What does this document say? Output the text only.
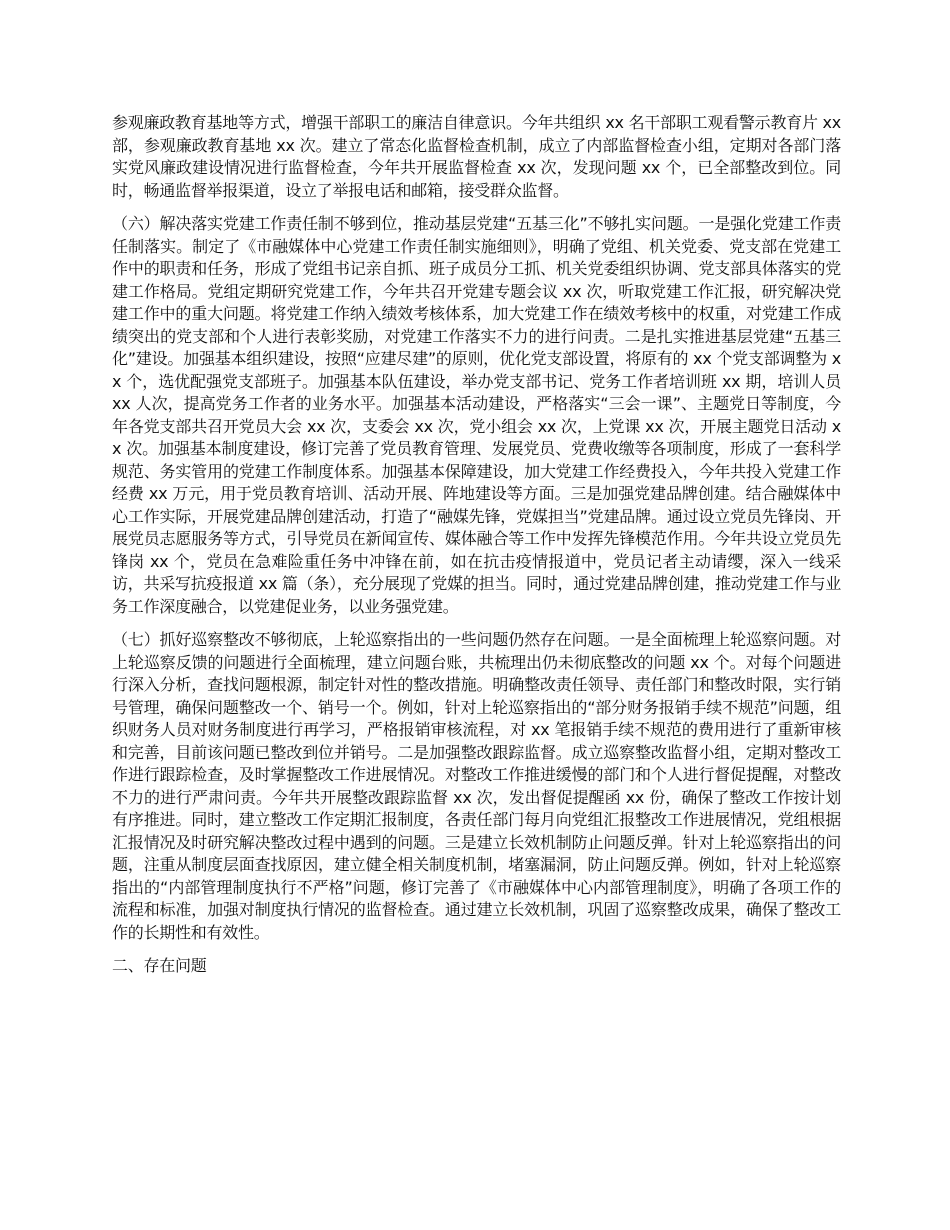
参观廉政教育基地等方式，增强干部职工的廉洁自律意识。今年共组织 xx 名干部职工观看警示教育片 xx 部，参观廉政教育基地 xx 次。建立了常态化监督检查机制，成立了内部监督检查小组，定期对各部门落实党风廉政建设情况进行监督检查，今年共开展监督检查 xx 次，发现问题 xx 个，已全部整改到位。同时，畅通监督举报渠道，设立了举报电话和邮箱，接受群众监督。

（六）解决落实党建工作责任制不够到位，推动基层党建“五基三化”不够扎实问题。一是强化党建工作责任制落实。制定了《市融媒体中心党建工作责任制实施细则》，明确了党组、机关党委、党支部在党建工作中的职责和任务，形成了党组书记亲自抓、班子成员分工抓、机关党委组织协调、党支部具体落实的党建工作格局。党组定期研究党建工作，今年共召开党建专题会议 xx 次，听取党建工作汇报，研究解决党建工作中的重大问题。将党建工作纳入绩效考核体系，加大党建工作在绩效考核中的权重，对党建工作成绩突出的党支部和个人进行表彰奖励，对党建工作落实不力的进行问责。二是扎实推进基层党建“五基三化”建设。加强基本组织建设，按照“应建尽建”的原则，优化党支部设置，将原有的 xx 个党支部调整为 xx 个，选优配强党支部班子。加强基本队伍建设，举办党支部书记、党务工作者培训班 xx 期，培训人员 xx 人次，提高党务工作者的业务水平。加强基本活动建设，严格落实“三会一课”、主题党日等制度，今年各党支部共召开党员大会 xx 次，支委会 xx 次，党小组会 xx 次，上党课 xx 次，开展主题党日活动 xx 次。加强基本制度建设，修订完善了党员教育管理、发展党员、党费收缴等各项制度，形成了一套科学规范、务实管用的党建工作制度体系。加强基本保障建设，加大党建工作经费投入，今年共投入党建工作经费 xx 万元，用于党员教育培训、活动开展、阵地建设等方面。三是加强党建品牌创建。结合融媒体中心工作实际，开展党建品牌创建活动，打造了“融媒先锋，党媒担当”党建品牌。通过设立党员先锋岗、开展党员志愿服务等方式，引导党员在新闻宣传、媒体融合等工作中发挥先锋模范作用。今年共设立党员先锋岗 xx 个，党员在急难险重任务中冲锋在前，如在抗击疫情报道中，党员记者主动请缨，深入一线采访，共采写抗疫报道 xx 篇（条），充分展现了党媒的担当。同时，通过党建品牌创建，推动党建工作与业务工作深度融合，以党建促业务，以业务强党建。

（七）抓好巡察整改不够彻底，上轮巡察指出的一些问题仍然存在问题。一是全面梳理上轮巡察问题。对上轮巡察反馈的问题进行全面梳理，建立问题台账，共梳理出仍未彻底整改的问题 xx 个。对每个问题进行深入分析，查找问题根源，制定针对性的整改措施。明确整改责任领导、责任部门和整改时限，实行销号管理，确保问题整改一个、销号一个。例如，针对上轮巡察指出的“部分财务报销手续不规范”问题，组织财务人员对财务制度进行再学习，严格报销审核流程，对 xx 笔报销手续不规范的费用进行了重新审核和完善，目前该问题已整改到位并销号。二是加强整改跟踪监督。成立巡察整改监督小组，定期对整改工作进行跟踪检查，及时掌握整改工作进展情况。对整改工作推进缓慢的部门和个人进行督促提醒，对整改不力的进行严肃问责。今年共开展整改跟踪监督 xx 次，发出督促提醒函 xx 份，确保了整改工作按计划有序推进。同时，建立整改工作定期汇报制度，各责任部门每月向党组汇报整改工作进展情况，党组根据汇报情况及时研究解决整改过程中遇到的问题。三是建立长效机制防止问题反弹。针对上轮巡察指出的问题，注重从制度层面查找原因，建立健全相关制度机制，堵塞漏洞，防止问题反弹。例如，针对上轮巡察指出的“内部管理制度执行不严格”问题，修订完善了《市融媒体中心内部管理制度》，明确了各项工作的流程和标准，加强对制度执行情况的监督检查。通过建立长效机制，巩固了巡察整改成果，确保了整改工作的长期性和有效性。

二、存在问题
